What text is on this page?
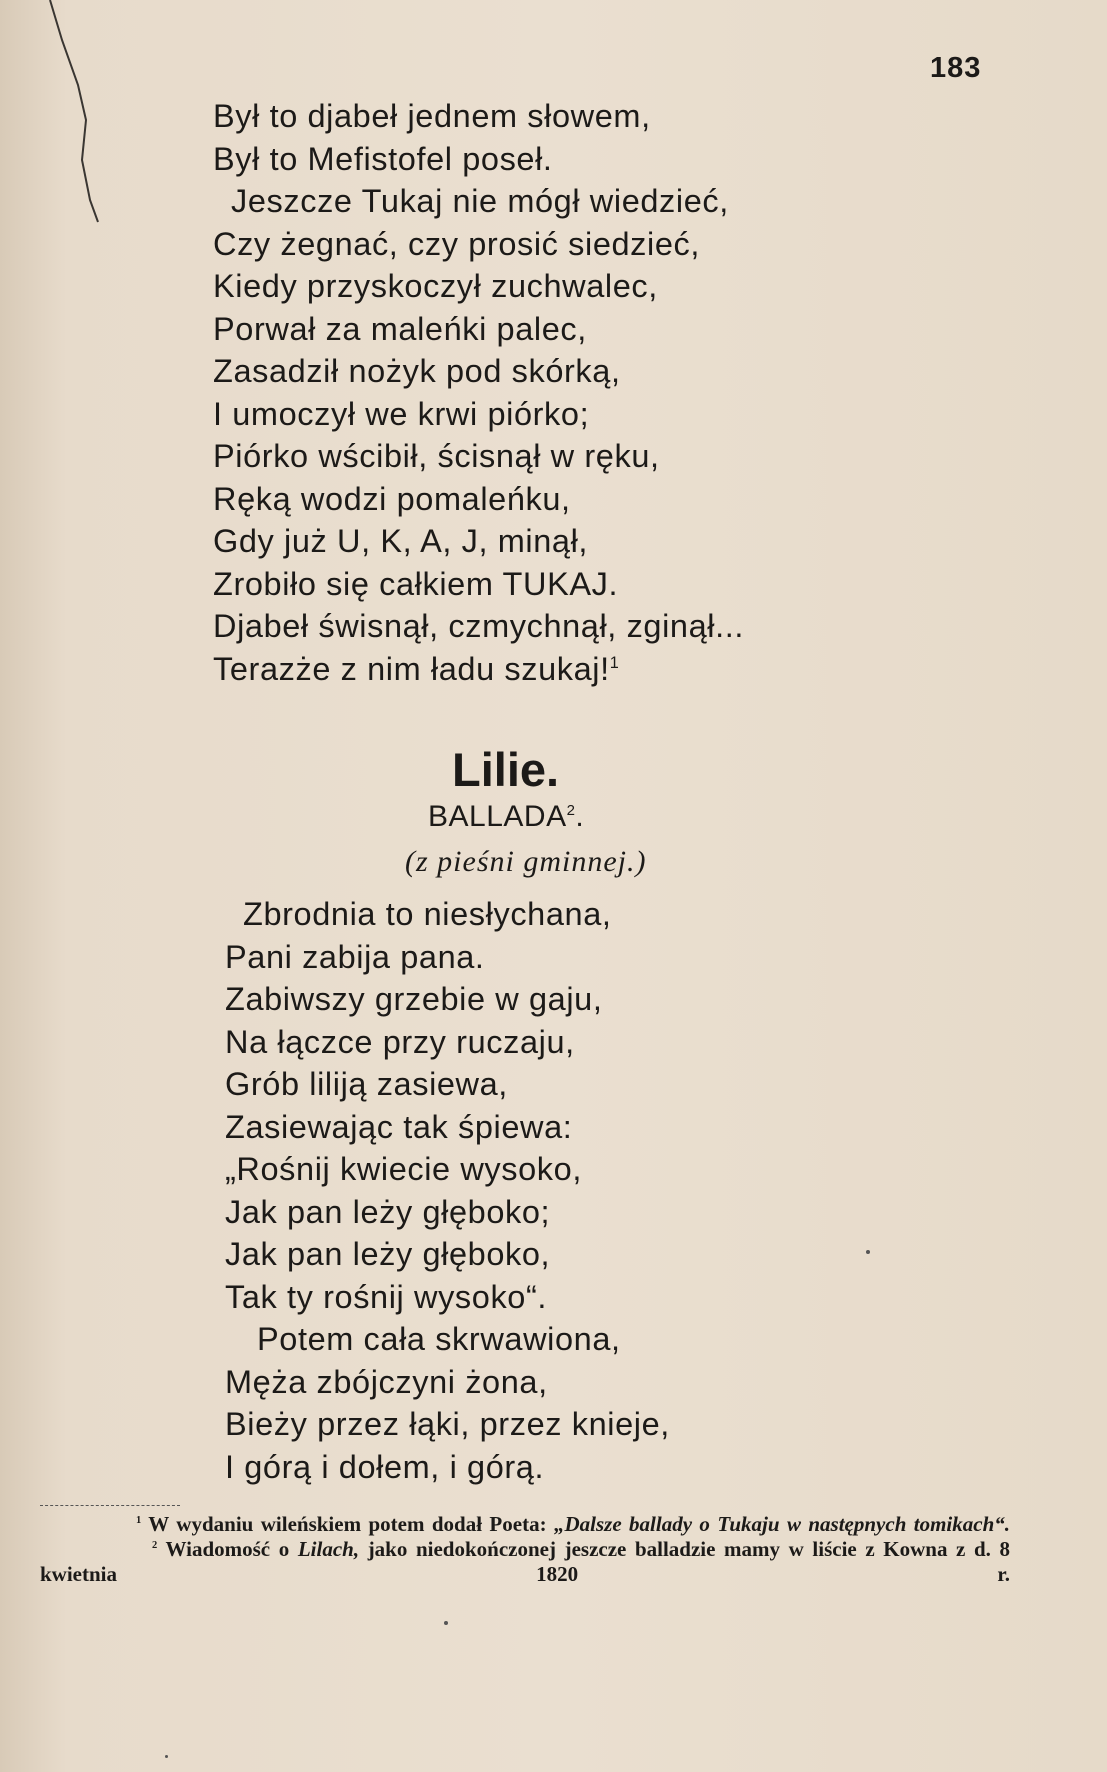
183
Był to djabeł jednem słowem,
Był to Mefistofel poseł.
Jeszcze Tukaj nie mógł wiedzieć,
Czy żegnać, czy prosić siedzieć,
Kiedy przyskoczył zuchwalec,
Porwał za maleńki palec,
Zasadził nożyk pod skórką,
I umoczył we krwi piórko;
Piórko wścibił, ścisnął w ręku,
Ręką wodzi pomaleńku,
Gdy już U, K, A, J, minął,
Zrobiło się całkiem TUKAJ.
Djabeł świsnął, czmychnął, zginął...
Terazże z nim ładu szukaj!$^1$
Lilie.
BALLADA$^2$.
(z pieśni gminnej.)
Zbrodnia to niesłychana,
Pani zabija pana.
Zabiwszy grzebie w gaju,
Na łączce przy ruczaju,
Grób liliją zasiewa,
Zasiewając tak śpiewa:
„Rośnij kwiecie wysoko,
Jak pan leży głęboko;
Jak pan leży głęboko,
Tak ty rośnij wysoko“.
Potem cała skrwawiona,
Męża zbójczyni żona,
Bieży przez łąki, przez knieje,
I górą i dołem, i górą.
$^1$ W wydaniu wileńskiem potem dodał Poeta: „Dalsze ballady o Tukaju w następnych tomikach“.
$^2$ Wiadomość o Lilach, jako niedokończonej jeszcze balladzie mamy w liście z Kowna z d. 8 kwietnia 1820 r.
